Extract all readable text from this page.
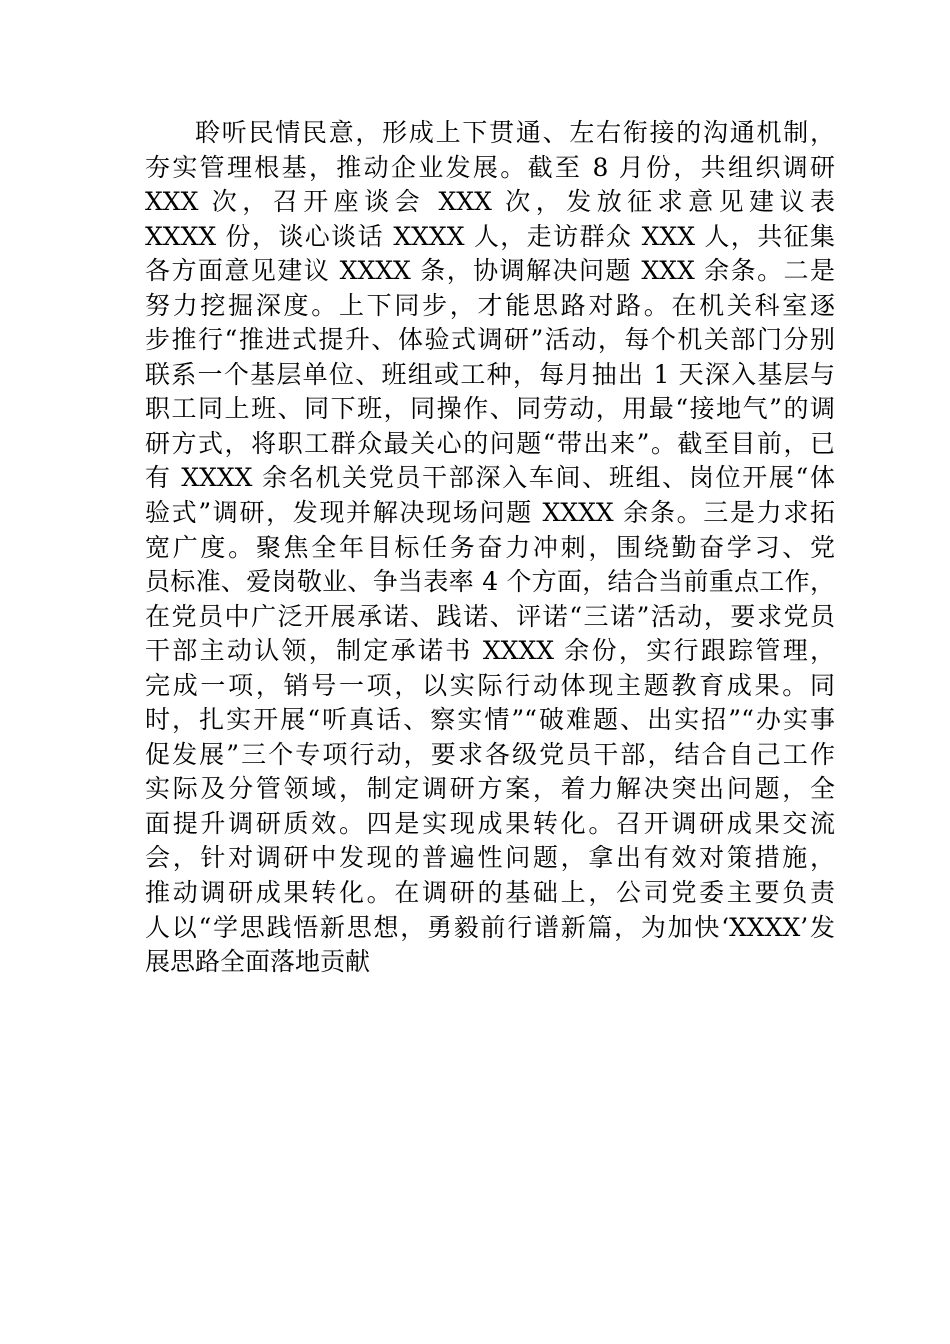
聆听民情民意，形成上下贯通、左右衔接的沟通机制，
夯实管理根基，推动企业发展。截至 8 月份，共组织调研
XXX 次，召开座谈会 XXX 次，发放征求意见建议表
XXXX 份，谈心谈话 XXXX 人，走访群众 XXX 人，共征集
各方面意见建议 XXXX 条，协调解决问题 XXX 余条。二是
努力挖掘深度。上下同步，才能思路对路。在机关科室逐
步推行“推进式提升、体验式调研”活动，每个机关部门分别
联系一个基层单位、班组或工种，每月抽出 1 天深入基层与
职工同上班、同下班，同操作、同劳动，用最“接地气”的调
研方式，将职工群众最关心的问题“带出来”。截至目前，已
有 XXXX 余名机关党员干部深入车间、班组、岗位开展“体
验式”调研，发现并解决现场问题 XXXX 余条。三是力求拓
宽广度。聚焦全年目标任务奋力冲刺，围绕勤奋学习、党
员标准、爱岗敬业、争当表率 4 个方面，结合当前重点工作，
在党员中广泛开展承诺、践诺、评诺“三诺”活动，要求党员
干部主动认领，制定承诺书 XXXX 余份，实行跟踪管理，
完成一项，销号一项，以实际行动体现主题教育成果。同
时，扎实开展“听真话、察实情”“破难题、出实招”“办实事
促发展”三个专项行动，要求各级党员干部，结合自己工作
实际及分管领域，制定调研方案，着力解决突出问题，全
面提升调研质效。四是实现成果转化。召开调研成果交流
会，针对调研中发现的普遍性问题，拿出有效对策措施，
推动调研成果转化。在调研的基础上，公司党委主要负责
人以“学思践悟新思想，勇毅前行谱新篇，为加快‘XXXX’发
展思路全面落地贡献
